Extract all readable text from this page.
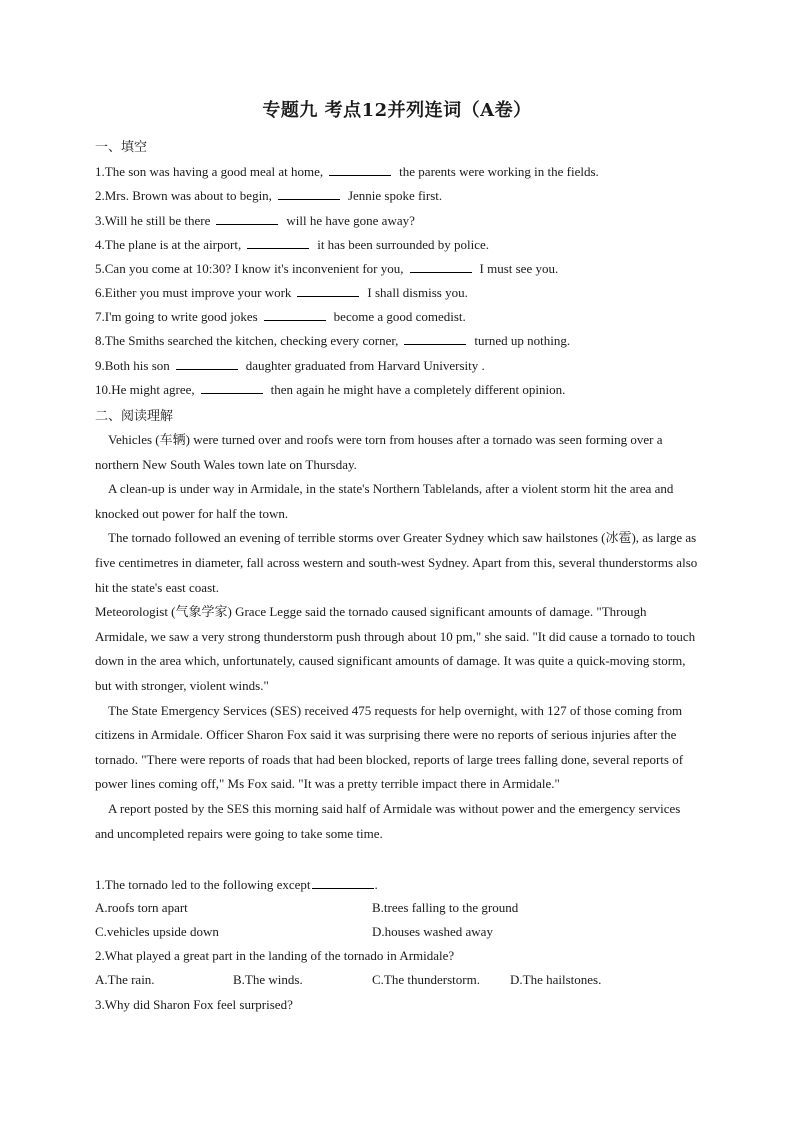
专题九 考点12并列连词（A卷）
一、填空
1.The son was having a good meal at home,	the parents were working in the fields.
2.Mrs. Brown was about to begin,	Jennie spoke first.
3.Will he still be there	will he have gone away?
4.The plane is at the airport,	it has been surrounded by police.
5.Can you come at 10:30? I know it's inconvenient for you,	I must see you.
6.Either you must improve your work	I shall dismiss you.
7.I'm going to write good jokes	become a good comedist.
8.The Smiths searched the kitchen, checking every corner,	turned up nothing.
9.Both his son	daughter graduated from Harvard University .
10.He might agree,	then again he might have a completely different opinion.
二、阅读理解

Vehicles (车辆) were turned over and roofs were torn from houses after a tornado was seen forming over a northern New South Wales town late on Thursday.

A clean-up is under way in Armidale, in the state's Northern Tablelands, after a violent storm hit the area and knocked out power for half the town.

The tornado followed an evening of terrible storms over Greater Sydney which saw hailstones (冰雹), as large as five centimetres in diameter, fall across western and south-west Sydney. Apart from this, several thunderstorms also hit the state's east coast.

Meteorologist (气象学家) Grace Legge said the tornado caused significant amounts of damage. "Through Armidale, we saw a very strong thunderstorm push through about 10 pm," she said. "It did cause a tornado to touch down in the area which, unfortunately, caused significant amounts of damage. It was quite a quick-moving storm, but with stronger, violent winds."

The State Emergency Services (SES) received 475 requests for help overnight, with 127 of those coming from citizens in Armidale. Officer Sharon Fox said it was surprising there were no reports of serious injuries after the tornado. "There were reports of roads that had been blocked, reports of large trees falling done, several reports of power lines coming off," Ms Fox said. "It was a pretty terrible impact there in Armidale."

A report posted by the SES this morning said half of Armidale was without power and the emergency services and uncompleted repairs were going to take some time.

1.The tornado led to the following except	.
A.roofs torn apart	B.trees falling to the ground
C.vehicles upside down	D.houses washed away
2.What played a great part in the landing of the tornado in Armidale?
A.The rain.	B.The winds.	C.The thunderstorm. D.The hailstones.
3.Why did Sharon Fox feel surprised?
